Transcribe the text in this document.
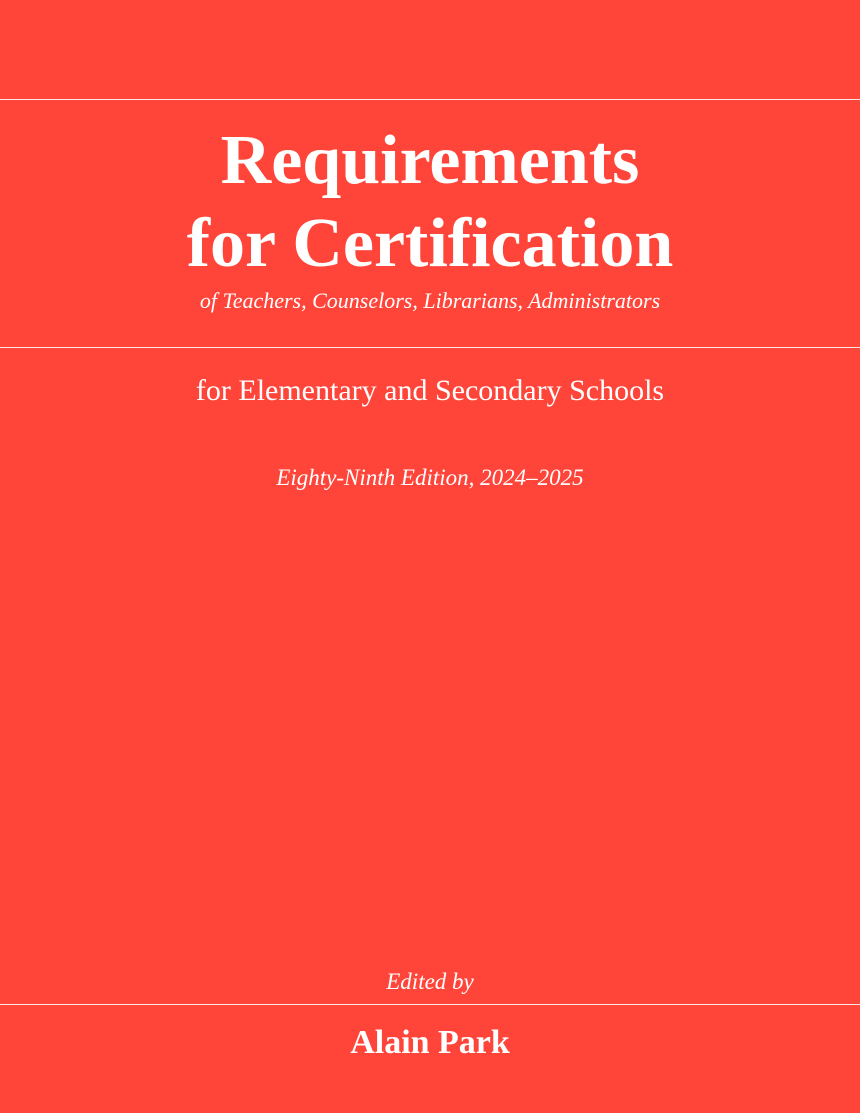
Requirements
for Certification
of Teachers, Counselors, Librarians, Administrators
for Elementary and Secondary Schools
Eighty-Ninth Edition, 2024–2025
Edited by
Alain Park
